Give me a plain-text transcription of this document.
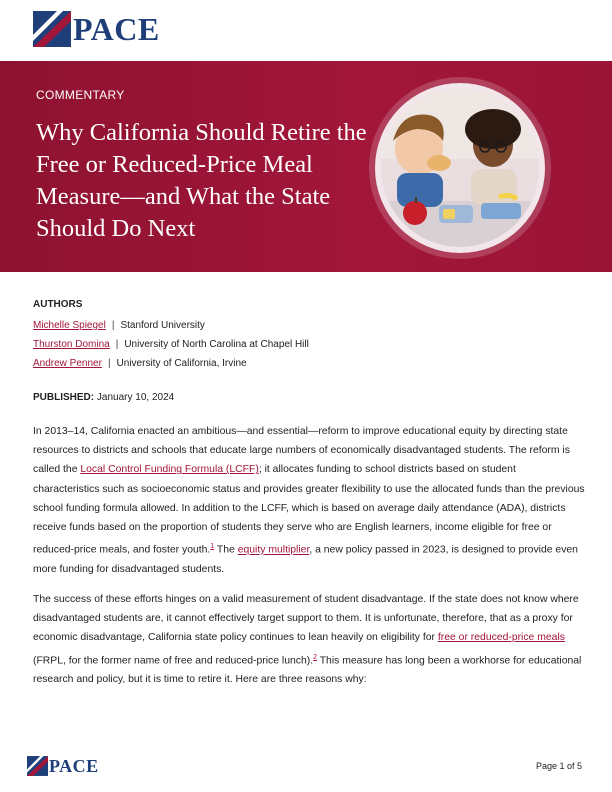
PACE
COMMENTARY
Why California Should Retire the Free or Reduced-Price Meal Measure—and What the State Should Do Next
AUTHORS
Michelle Spiegel | Stanford University
Thurston Domina | University of North Carolina at Chapel Hill
Andrew Penner | University of California, Irvine
PUBLISHED: January 10, 2024

In 2013–14, California enacted an ambitious—and essential—reform to improve educational equity by directing state resources to districts and schools that educate large numbers of economically disadvantaged students. The reform is called the Local Control Funding Formula (LCFF); it allocates funding to school districts based on student characteristics such as socioeconomic status and provides greater flexibility to use the allocated funds than the previous school funding formula allowed. In addition to the LCFF, which is based on average daily attendance (ADA), districts receive funds based on the proportion of students they serve who are English learners, income eligible for free or reduced-price meals, and foster youth.$^1$ The equity multiplier, a new policy passed in 2023, is designed to provide even more funding for disadvantaged students.

The success of these efforts hinges on a valid measurement of student disadvantage. If the state does not know where disadvantaged students are, it cannot effectively target support to them. It is unfortunate, therefore, that as a proxy for economic disadvantage, California state policy continues to lean heavily on eligibility for free or reduced-price meals (FRPL, for the former name of free and reduced-price lunch).$^2$ This measure has long been a workhorse for educational research and policy, but it is time to retire it. Here are three reasons why:

PACE	Page 1 of 5
